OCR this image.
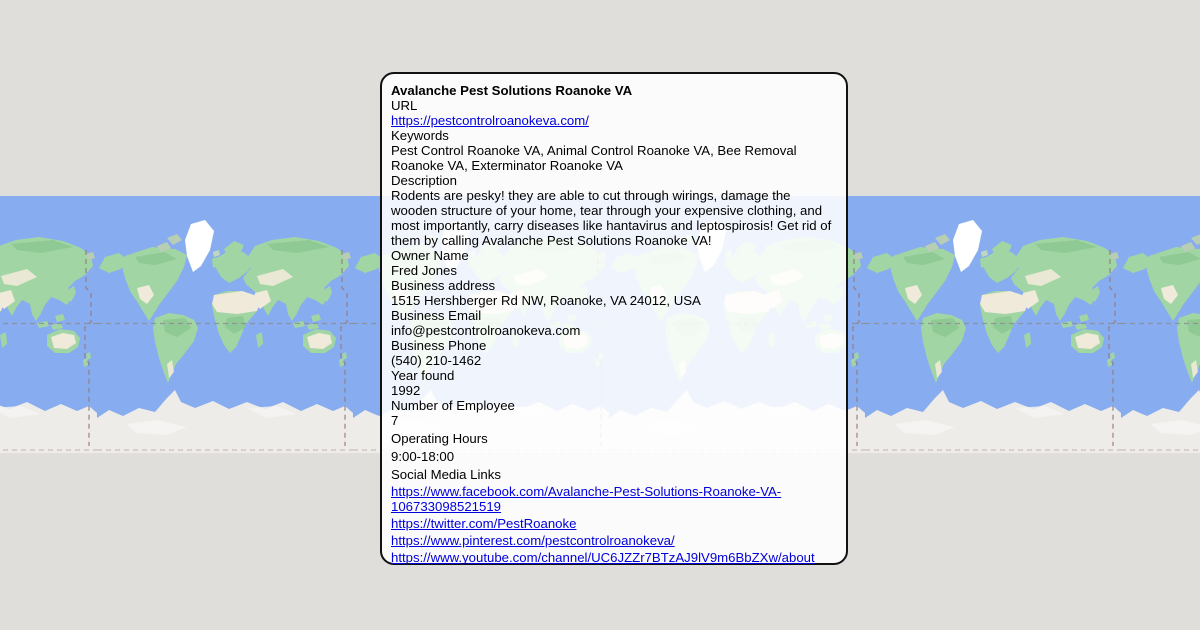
Avalanche Pest Solutions Roanoke VA
URL
https://pestcontrolroanokeva.com/
Keywords
Pest Control Roanoke VA, Animal Control Roanoke VA, Bee Removal Roanoke VA, Exterminator Roanoke VA
Description
Rodents are pesky! they are able to cut through wirings, damage the wooden structure of your home, tear through your expensive clothing, and most importantly, carry diseases like hantavirus and leptospirosis! Get rid of them by calling Avalanche Pest Solutions Roanoke VA!
Owner Name
Fred Jones
Business address
1515 Hershberger Rd NW, Roanoke, VA 24012, USA
Business Email
info@pestcontrolroanokeva.com
Business Phone
(540) 210-1462
Year found
1992
Number of Employee
7
Operating Hours
9:00-18:00
Social Media Links
https://www.facebook.com/Avalanche-Pest-Solutions-Roanoke-VA-106733098521519
https://twitter.com/PestRoanoke
https://www.pinterest.com/pestcontrolroanokeva/
https://www.youtube.com/channel/UC6JZZr7BTzAJ9lV9m6BbZXw/about
